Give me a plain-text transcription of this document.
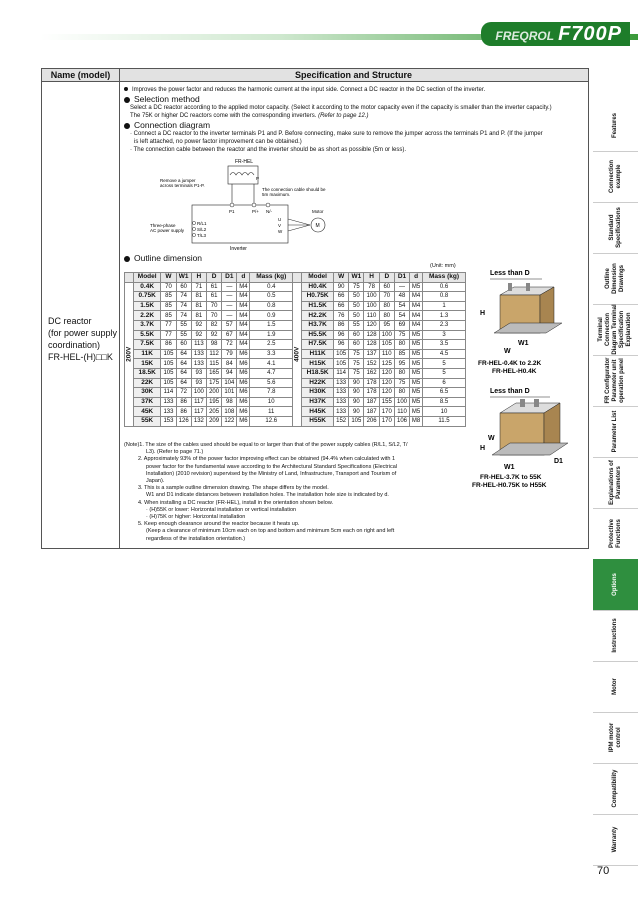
FREQROL F700P
Name (model)	Specification and Structure
DC reactor
(for power supply
coordination)
FR-HEL-(H)□□K
Improves the power factor and reduces the harmonic current at the input side. Connect a DC reactor in the DC section of the inverter.
Selection method

Select a DC reactor according to the applied motor capacity. (Select it according to the motor capacity even if the capacity is smaller than the inverter capacity.)

The 75K or higher DC reactors come with the corresponding inverters. (Refer to page 12.)

Connection diagram

· Connect a DC reactor to the inverter terminals P1 and P. Before connecting, make sure to remove the jumper across the terminals P1 and P. (If the jumper

is left attached, no power factor improvement can be obtained.)

· The connection cable between the reactor and the inverter should be as short as possible (5m or less).

FR-HEL
Remove a jumper
across terminals P1-P.
The connection cable should be
5m maximum.
P1	P/+ N/-
P
Three-phase
AC power supply
R/L1
S/L2
T/L3
U
V
W
Motor
M
Inverter
Outline dimension
(Unit: mm)
	Model	W	W1	H	D	D1	d	Mass (kg)		Model	W	W1	H	D	D1	d	Mass (kg)
200V	0.4K	70	60	71	61	—	M4	0.4	400V	H0.4K	90	75	78	60	—	M5	0.6
	0.75K	85	74	81	61	—	M4	0.5		H0.75K	66	50	100	70	48	M4	0.8
	1.5K	85	74	81	70	—	M4	0.8		H1.5K	66	50	100	80	54	M4	1
	2.2K	85	74	81	70	—	M4	0.9		H2.2K	76	50	110	80	54	M4	1.3
	3.7K	77	55	92	82	57	M4	1.5		H3.7K	86	55	120	95	69	M4	2.3
	5.5K	77	55	92	92	67	M4	1.9		H5.5K	96	60	128	100	75	M5	3
	7.5K	86	60	113	98	72	M4	2.5		H7.5K	96	60	128	105	80	M5	3.5
	11K	105	64	133	112	79	M6	3.3		H11K	105	75	137	110	85	M5	4.5
	15K	105	64	133	115	84	M6	4.1		H15K	105	75	152	125	95	M5	5
	18.5K	105	64	93	165	94	M6	4.7		H18.5K	114	75	162	120	80	M5	5
	22K	105	64	93	175	104	M6	5.6		H22K	133	90	178	120	75	M5	6
	30K	114	72	100	200	101	M6	7.8		H30K	133	90	178	120	80	M5	6.5
	37K	133	86	117	195	98	M6	10		H37K	133	90	187	155	100	M5	8.5
	45K	133	86	117	205	108	M6	11		H45K	133	90	187	170	110	M5	10
	55K	153	126	132	209	122	M6	12.6		H55K	152	105	206	170	106	M8	11.5

(Note)1. The size of the cables used should be equal to or larger than that of the power supply cables (R/L1, S/L2, T/

L3). (Refer to page 71.)

2. Approximately 93% of the power factor improving effect can be obtained (94.4% when calculated with 1

power factor for the fundamental wave according to the Architectural Standard Specifications (Electrical

Installation) (2010 revision) supervised by the Ministry of Land, Infrastructure, Transport and Tourism of

Japan).

3. This is a sample outline dimension drawing. The shape differs by the model.

W1 and D1 indicate distances between installation holes. The installation hole size is indicated by d.

4. When installing a DC reactor (FR-HEL), install in the orientation shown below.

· (H)55K or lower: Horizontal installation or vertical installation

· (H)75K or higher: Horizontal installation

5. Keep enough clearance around the reactor because it heats up.

(Keep a clearance of minimum 10cm each on top and bottom and minimum 5cm each on right and left

regardless of the installation orientation.)

Less than D
H
W1
W
FR-HEL-0.4K to 2.2K
FR-HEL-H0.4K
Less than D
H
W
W1
D1
FR-HEL-3.7K to 55K
FR-HEL-H0.75K to H55K
Features
Connection example
Standard Specifications
Outline Dimension Drawings
Terminal Connection Diagram Terminal Specification Explanation
FR Configurator Parameter unit operation panel
Parameter List
Explanations of Parameters
Protective Functions
Options
Instructions
Motor
IPM motor control
Compatibility
Warranty
70
